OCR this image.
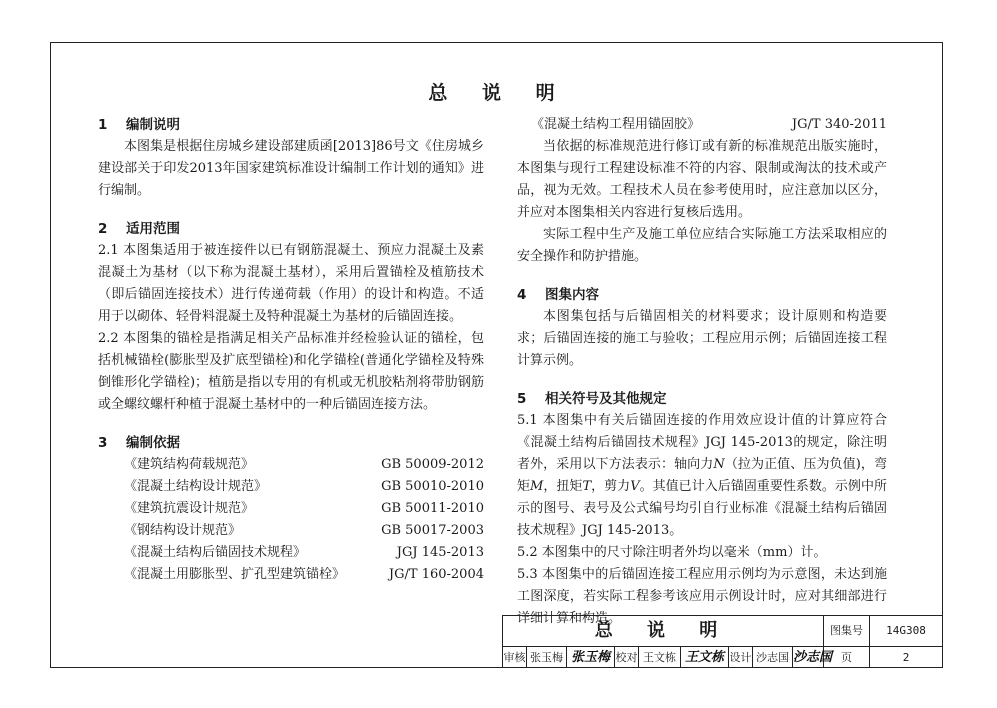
总 说 明
1	编制说明
本图集是根据住房城乡建设部建质函[2013]86号文《住房城乡建设部关于印发2013年国家建筑标准设计编制工作计划的通知》进行编制。
2	适用范围
2.1 本图集适用于被连接件以已有钢筋混凝土、预应力混凝土及素混凝土为基材（以下称为混凝土基材），采用后置锚栓及植筋技术（即后锚固连接技术）进行传递荷载（作用）的设计和构造。不适用于以砌体、轻骨料混凝土及特种混凝土为基材的后锚固连接。
2.2 本图集的锚栓是指满足相关产品标准并经检验认证的锚栓，包括机械锚栓(膨胀型及扩底型锚栓)和化学锚栓(普通化学锚栓及特殊倒锥形化学锚栓)；植筋是指以专用的有机或无机胶粘剂将带肋钢筋或全螺纹螺杆种植于混凝土基材中的一种后锚固连接方法。
3	编制依据
《建筑结构荷载规范》	GB 50009-2012
《混凝土结构设计规范》	GB 50010-2010
《建筑抗震设计规范》	GB 50011-2010
《钢结构设计规范》	GB 50017-2003
《混凝土结构后锚固技术规程》	JGJ 145-2013
《混凝土用膨胀型、扩孔型建筑锚栓》	JG/T 160-2004
《混凝土结构工程用锚固胶》	JG/T 340-2011
当依据的标准规范进行修订或有新的标准规范出版实施时，本图集与现行工程建设标准不符的内容、限制或淘汰的技术或产品，视为无效。工程技术人员在参考使用时，应注意加以区分，并应对本图集相关内容进行复核后选用。
实际工程中生产及施工单位应结合实际施工方法采取相应的安全操作和防护措施。
4	图集内容
本图集包括与后锚固相关的材料要求；设计原则和构造要求；后锚固连接的施工与验收；工程应用示例；后锚固连接工程计算示例。
5	相关符号及其他规定
5.1 本图集中有关后锚固连接的作用效应设计值的计算应符合《混凝土结构后锚固技术规程》JGJ 145-2013的规定，除注明者外，采用以下方法表示：轴向力N（拉为正值、压为负值)，弯矩M，扭矩T，剪力V。其值已计入后锚固重要性系数。示例中所示的图号、表号及公式编号均引自行业标准《混凝土结构后锚固技术规程》JGJ 145-2013。
5.2 本图集中的尺寸除注明者外均以毫米（mm）计。
5.3 本图集中的后锚固连接工程应用示例均为示意图，未达到施工图深度，若实际工程参考该应用示例设计时，应对其细部进行详细计算和构造。
总 说 明	图集号	14G308
审核 张玉梅 张玉梅 校对 王文栋 王文栋 设计 沙志国 沙志国 页	2
